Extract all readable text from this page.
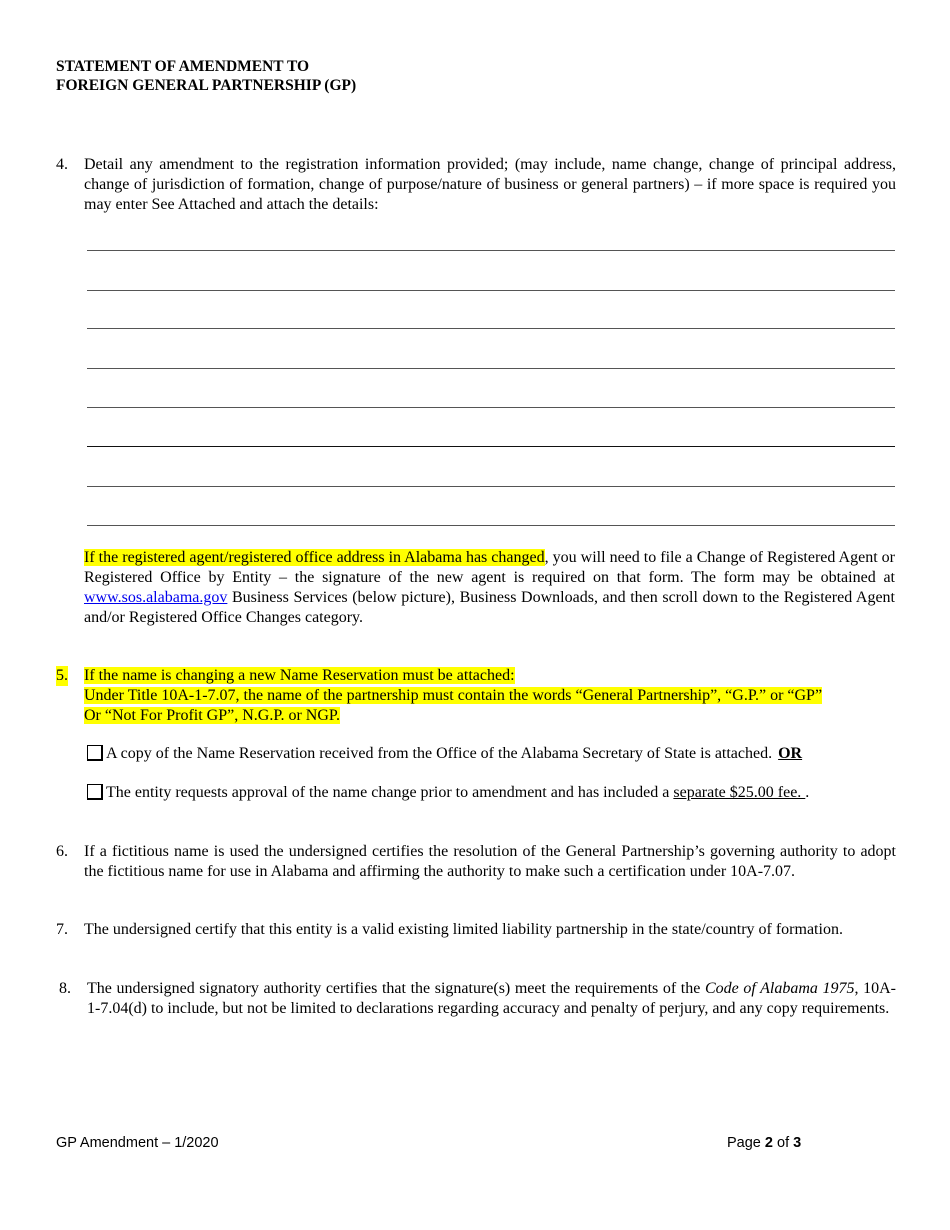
STATEMENT OF AMENDMENT TO
FOREIGN GENERAL PARTNERSHIP (GP)
4. Detail any amendment to the registration information provided; (may include, name change, change of principal address, change of jurisdiction of formation, change of purpose/nature of business or general partners) – if more space is required you may enter See Attached and attach the details:
If the registered agent/registered office address in Alabama has changed, you will need to file a Change of Registered Agent or Registered Office by Entity – the signature of the new agent is required on that form. The form may be obtained at www.sos.alabama.gov Business Services (below picture), Business Downloads, and then scroll down to the Registered Agent and/or Registered Office Changes category.
5. If the name is changing a new Name Reservation must be attached:
Under Title 10A-1-7.07, the name of the partnership must contain the words “General Partnership”, “G.P.” or “GP”
Or “Not For Profit GP”, N.G.P. or NGP.
A copy of the Name Reservation received from the Office of the Alabama Secretary of State is attached. OR
The entity requests approval of the name change prior to amendment and has included a separate $25.00 fee. .
6. If a fictitious name is used the undersigned certifies the resolution of the General Partnership’s governing authority to adopt the fictitious name for use in Alabama and affirming the authority to make such a certification under 10A-7.07.
7. The undersigned certify that this entity is a valid existing limited liability partnership in the state/country of formation.
8. The undersigned signatory authority certifies that the signature(s) meet the requirements of the Code of Alabama 1975, 10A-1-7.04(d) to include, but not be limited to declarations regarding accuracy and penalty of perjury, and any copy requirements.
GP Amendment – 1/2020	Page 2 of 3
